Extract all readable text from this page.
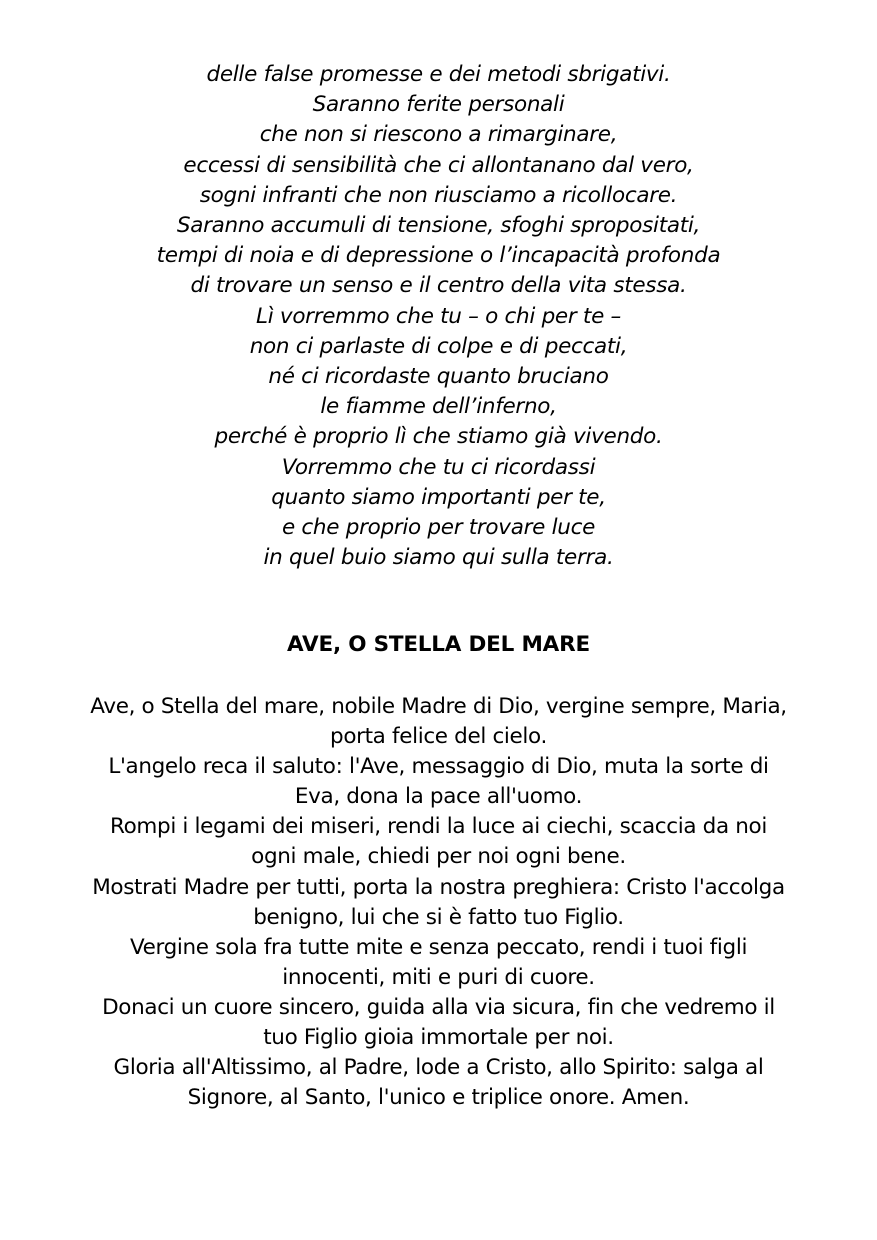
delle false promesse e dei metodi sbrigativi.
Saranno ferite personali
che non si riescono a rimarginare,
eccessi di sensibilità che ci allontanano dal vero,
sogni infranti che non riusciamo a ricollocare.
Saranno accumuli di tensione, sfoghi spropositati,
tempi di noia e di depressione o l’incapacità profonda
di trovare un senso e il centro della vita stessa.
Lì vorremmo che tu – o chi per te –
non ci parlaste di colpe e di peccati,
né ci ricordaste quanto bruciano
le fiamme dell’inferno,
perché è proprio lì che stiamo già vivendo.
Vorremmo che tu ci ricordassi
quanto siamo importanti per te,
e che proprio per trovare luce
in quel buio siamo qui sulla terra.
AVE, O STELLA DEL MARE
Ave, o Stella del mare, nobile Madre di Dio, vergine sempre, Maria,
porta felice del cielo.
L'angelo reca il saluto: l'Ave, messaggio di Dio, muta la sorte di
Eva, dona la pace all'uomo.
Rompi i legami dei miseri, rendi la luce ai ciechi, scaccia da noi
ogni male, chiedi per noi ogni bene.
Mostrati Madre per tutti, porta la nostra preghiera: Cristo l'accolga
benigno, lui che si è fatto tuo Figlio.
Vergine sola fra tutte mite e senza peccato, rendi i tuoi figli
innocenti, miti e puri di cuore.
Donaci un cuore sincero, guida alla via sicura, fin che vedremo il
tuo Figlio gioia immortale per noi.
Gloria all'Altissimo, al Padre, lode a Cristo, allo Spirito: salga al
Signore, al Santo, l'unico e triplice onore. Amen.
